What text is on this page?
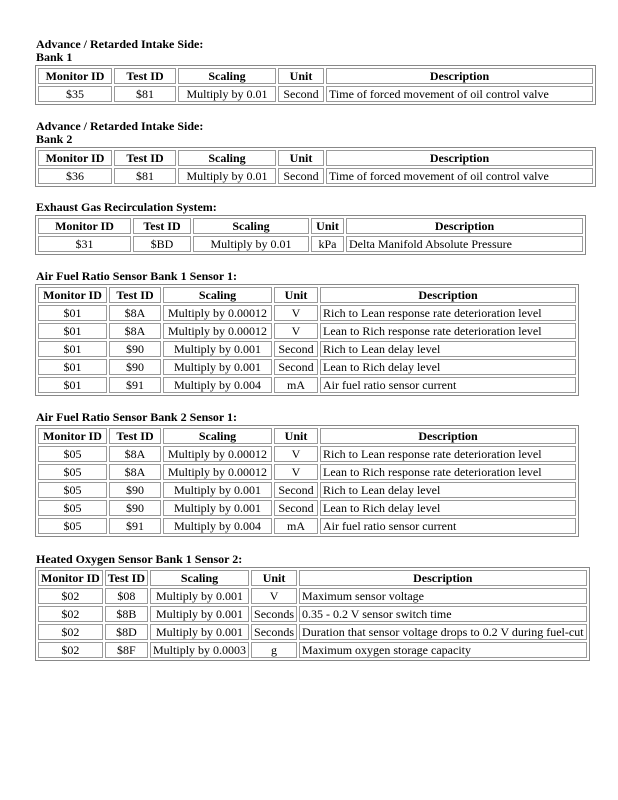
Advance / Retarded Intake Side:
Bank 1
Monitor ID	Test ID	Scaling	Unit	Description
$35	$81	Multiply by 0.01	Second	Time of forced movement of oil control valve
Advance / Retarded Intake Side:
Bank 2
Monitor ID	Test ID	Scaling	Unit	Description
$36	$81	Multiply by 0.01	Second	Time of forced movement of oil control valve
Exhaust Gas Recirculation System:
Monitor ID	Test ID	Scaling	Unit	Description
$31	$BD	Multiply by 0.01	kPa	Delta Manifold Absolute Pressure
Air Fuel Ratio Sensor Bank 1 Sensor 1:
Monitor ID	Test ID	Scaling	Unit	Description
$01	$8A	Multiply by 0.00012	V	Rich to Lean response rate deterioration level
$01	$8A	Multiply by 0.00012	V	Lean to Rich response rate deterioration level
$01	$90	Multiply by 0.001	Second	Rich to Lean delay level
$01	$90	Multiply by 0.001	Second	Lean to Rich delay level
$01	$91	Multiply by 0.004	mA	Air fuel ratio sensor current
Air Fuel Ratio Sensor Bank 2 Sensor 1:
Monitor ID	Test ID	Scaling	Unit	Description
$05	$8A	Multiply by 0.00012	V	Rich to Lean response rate deterioration level
$05	$8A	Multiply by 0.00012	V	Lean to Rich response rate deterioration level
$05	$90	Multiply by 0.001	Second	Rich to Lean delay level
$05	$90	Multiply by 0.001	Second	Lean to Rich delay level
$05	$91	Multiply by 0.004	mA	Air fuel ratio sensor current
Heated Oxygen Sensor Bank 1 Sensor 2:
Monitor ID	Test ID	Scaling	Unit	Description
$02	$08	Multiply by 0.001	V	Maximum sensor voltage
$02	$8B	Multiply by 0.001	Seconds	0.35 - 0.2 V sensor switch time
$02	$8D	Multiply by 0.001	Seconds	Duration that sensor voltage drops to 0.2 V during fuel-cut
$02	$8F	Multiply by 0.0003	g	Maximum oxygen storage capacity
